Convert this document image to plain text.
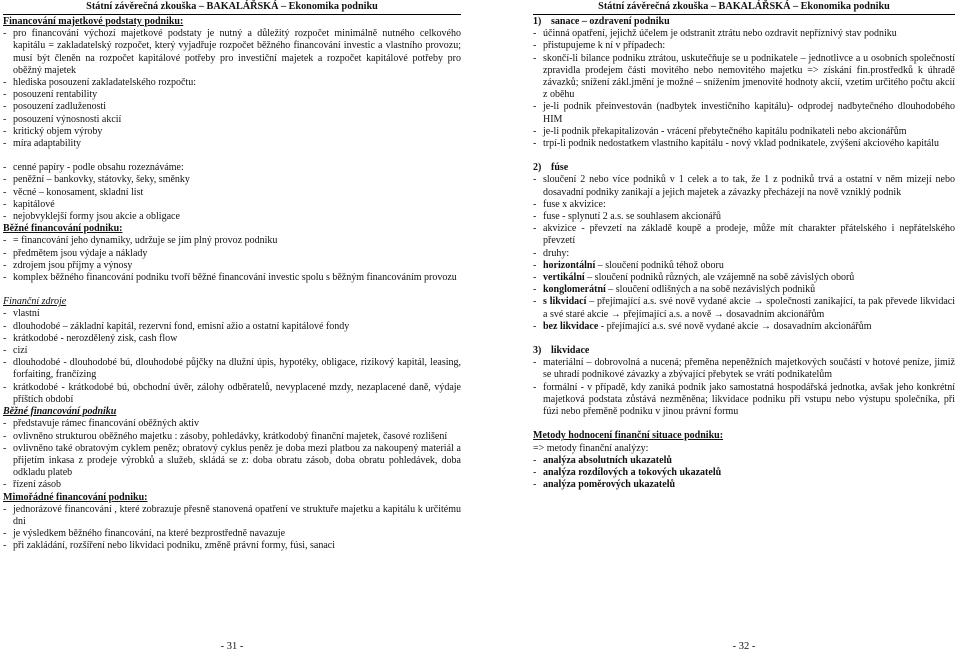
Státní závěrečná zkouška – BAKALÁŘSKÁ – Ekonomika podniku
Financování majetkové podstaty podniku:
- pro financování výchozí majetkové podstaty je nutný a důležitý rozpočet minimálně nutného celkového kapitálu = zakladatelský rozpočet, který vyjadřuje rozpočet běžného financování investic a vlastního provozu; musí být členěn na rozpočet kapitálové potřeby pro investiční majetek a rozpočet kapitálové potřeby pro oběžný majetek
- hlediska posouzení zakladatelského rozpočtu:
- posouzení rentability
- posouzení zadluženosti
- posouzení výnosnosti akcií
- kritický objem výroby
- míra adaptability
- cenné papíry - podle obsahu rozeznáváme:
- peněžní – bankovky, státovky, šeky, směnky
- věcné – konosament, skladní list
- kapitálové
- nejobvyklejší formy jsou akcie a obligace
Běžné financování podniku:
- = financování jeho dynamiky, udržuje se jím plný provoz podniku
- předmětem jsou výdaje a náklady
- zdrojem jsou příjmy a výnosy
- komplex běžného financování podniku tvoří běžné financování investic spolu s běžným financováním provozu
Finanční zdroje
- vlastní
- dlouhodobé – základní kapitál, rezervní fond, emisní ažio a ostatní kapitálové fondy
- krátkodobé - nerozdělený zisk, cash flow
- cizí
- dlouhodobé - dlouhodobé bú, dlouhodobé půjčky na dlužní úpis, hypotéky, obligace, rizikový kapitál, leasing, forfaiting, frančízing
- krátkodobé - krátkodobé bú, obchodní úvěr, zálohy odběratelů, nevyplacené mzdy, nezaplacené daně, výdaje příštích období
Běžné financování podniku
- představuje rámec financování oběžných aktiv
- ovlivněno strukturou oběžného majetku : zásoby, pohledávky, krátkodobý finanční majetek, časové rozlišení
- ovlivněno také obratovým cyklem peněz; obratový cyklus peněz je doba mezi platbou za nakoupený materiál a přijetím inkasa z prodeje výrobků a služeb, skládá se z: doba obratu zásob, doba obratu pohledávek, doba odkladu plateb
- řízení zásob
Mimořádné financování podniku:
- jednorázové financování , které zobrazuje přesně stanovená opatření ve struktuře majetku a kapitálu k určitému dni
- je výsledkem běžného financování, na které bezprostředně navazuje
- při zakládání, rozšíření nebo likvidaci podniku, změně právní formy, fúsi, sanaci
- 31 -
Státní závěrečná zkouška – BAKALÁŘSKÁ – Ekonomika podniku
1) sanace – ozdravení podniku
- účinná opatření, jejichž účelem je odstranit ztrátu nebo ozdravit nepříznivý stav podniku
- přistupujeme k ní v případech:
- skončí-li bilance podniku ztrátou, uskutečňuje se u podnikatele – jednotlivce a u osobních společností zpravidla prodejem části movitého nebo nemovitého majetku => získání fin.prostředků k úhradě závazků; snížení zákl.jmění je možné – snížením jmenovité hodnoty akcií, vzetím určitého počtu akcií z oběhu
- je-li podnik přeinvestován (nadbytek investičního kapitálu)- odprodej nadbytečného dlouhodobého HIM
- je-li podnik překapitalizován - vrácení přebytečného kapitálu podnikateli nebo akcionářům
- trpí-li podnik nedostatkem vlastního kapitálu - nový vklad podnikatele, zvýšení akciového kapitálu
2) fúse
- sloučení 2 nebo více podniků v 1 celek a to tak, že 1 z podniků trvá a ostatní v něm mizejí nebo dosavadní podniky zanikají a jejich majetek a závazky přecházejí na nově vzniklý podnik
- fuse x akvizice:
- fuse - splynutí 2 a.s. se souhlasem akcionářů
- akvizice - převzetí na základě koupě a prodeje, může mít charakter přátelského i nepřátelského převzetí
- druhy:
- horizontální – sloučení podniků téhož oboru
- vertikální – sloučení podniků různých, ale vzájemně na sobě závislých oborů
- konglomerátní – sloučení odlišných a na sobě nezávislých podniků
- s likvidací – přejímající a.s. své nově vydané akcie → společnosti zanikající, ta pak převede likvidaci a své staré akcie → přejímající a.s. a nově → dosavadním akcionářům
- bez likvidace - přejímající a.s. své nově vydané akcie → dosavadním akcionářům
3) likvidace
- materiální – dobrovolná a nucená; přeměna nepeněžních majetkových součástí v hotové peníze, jimiž se uhradí podnikové závazky a zbývající přebytek se vrátí podnikatelům
- formální - v případě, kdy zaniká podnik jako samostatná hospodářská jednotka, avšak jeho konkrétní majetková podstata zůstává nezměněna; likvidace podniku při vstupu nebo výstupu společníka, při fúzi nebo přeměně podniku v jinou právní formu
Metody hodnocení finanční situace podniku:
=> metody finanční analýzy:
- analýza absolutních ukazatelů
- analýza rozdílových a tokových ukazatelů
- analýza poměrových ukazatelů
- 32 -
